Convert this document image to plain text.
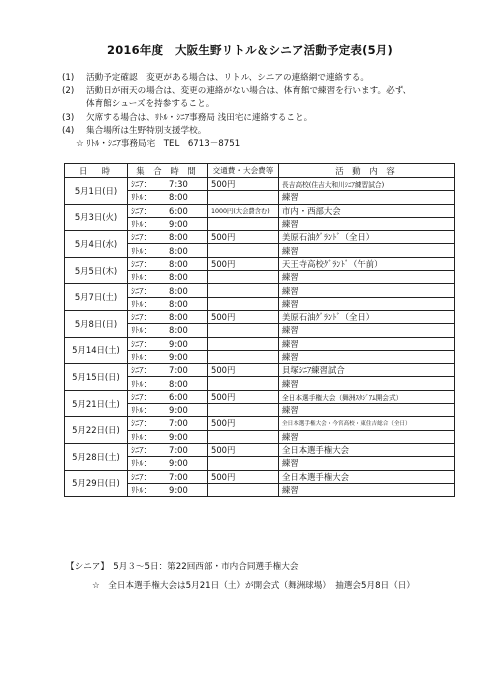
2016年度　大阪生野リトル＆シニア活動予定表(5月)
(1) 活動予定確認　変更がある場合は、リトル、シニアの連絡網で連絡する。
(2) 活動日が雨天の場合は、変更の連絡がない場合は、体育館で練習を行います。必ず、
体育館シューズを持参すること。
(3) 欠席する場合は、ﾘﾄﾙ・ｼﾆｱ事務局 浅田宅に連絡すること。
(4) 集合場所は生野特別支援学校。
☆ ﾘﾄﾙ・ｼﾆｱ事務局宅　TEL　6713－8751
日　時	集 合 時 間	交通費・大会費等	活 動 内 容
5月1日(日)	ｼﾆｱ： 7:30	500円	長吉高校(住吉大和川ｼﾆｱ練習試合)
	ﾘﾄﾙ： 8:00		練習
5月3日(火)	ｼﾆｱ： 6:00	1000円(大会費含む)	市内・西部大会
	ﾘﾄﾙ： 9:00		練習
5月4日(水)	ｼﾆｱ： 8:00	500円	美原石油ｸﾞﾗﾝﾄﾞ（全日）
	ﾘﾄﾙ： 8:00		練習
5月5日(木)	ｼﾆｱ： 8:00	500円	天王寺高校ｸﾞﾗﾝﾄﾞ（午前）
	ﾘﾄﾙ： 8:00		練習
5月7日(土)	ｼﾆｱ： 8:00		練習
	ﾘﾄﾙ： 8:00		練習
5月8日(日)	ｼﾆｱ： 8:00	500円	美原石油ｸﾞﾗﾝﾄﾞ（全日）
	ﾘﾄﾙ： 8:00		練習
5月14日(土)	ｼﾆｱ： 9:00		練習
	ﾘﾄﾙ： 9:00		練習
5月15日(日)	ｼﾆｱ： 7:00	500円	貝塚ｼﾆｱ練習試合
	ﾘﾄﾙ： 8:00		練習
5月21日(土)	ｼﾆｱ： 6:00	500円	全日本選手権大会（舞洲ｽﾀｼﾞｱﾑ開会式）
	ﾘﾄﾙ： 9:00		練習
5月22日(日)	ｼﾆｱ： 7:00	500円	全日本選手権大会・今宮高校・東住吉総合（全日）
	ﾘﾄﾙ： 9:00		練習
5月28日(土)	ｼﾆｱ： 7:00	500円	全日本選手権大会
	ﾘﾄﾙ： 9:00		練習
5月29日(日)	ｼﾆｱ： 7:00	500円	全日本選手権大会
	ﾘﾄﾙ： 9:00		練習
【シニア】　5月３～5日：第22回西部・市内合同選手権大会
☆　全日本選手権大会は5月21日（土）が開会式（舞洲球場）　抽選会5月8日（日）
